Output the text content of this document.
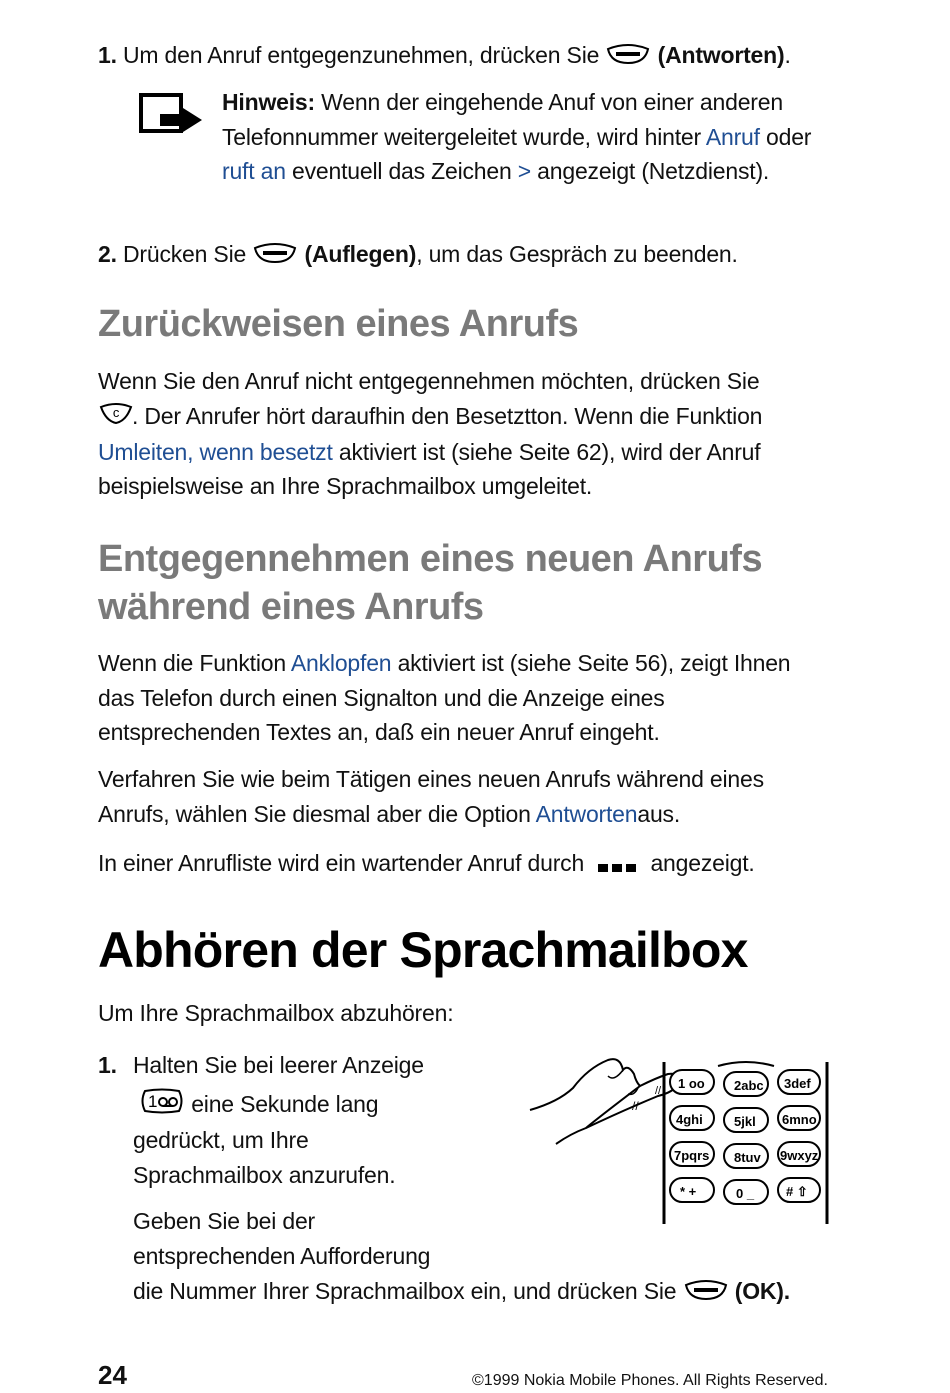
1. Um den Anruf entgegenzunehmen, drücken Sie	(Antworten).
Hinweis: Wenn der eingehende Anuf von einer anderen Telefonnummer weitergeleitet wurde, wird hinter Anruf oder ruft an eventuell das Zeichen > angezeigt (Netzdienst).
2. Drücken Sie	(Auflegen), um das Gespräch zu beenden.
Zurückweisen eines Anrufs
Wenn Sie den Anruf nicht entgegennehmen möchten, drücken Sie

c . Der Anrufer hört daraufhin den Besetztton. Wenn die Funktion
Umleiten, wenn besetzt aktiviert ist (siehe Seite 62), wird der Anruf beispielsweise an Ihre Sprachmailbox umgeleitet.
Entgegennehmen eines neuen Anrufs
während eines Anrufs
Wenn die Funktion Anklopfen aktiviert ist (siehe Seite 56), zeigt Ihnen das Telefon durch einen Signalton und die Anzeige eines entsprechenden Textes an, daß ein neuer Anruf eingeht.
Verfahren Sie wie beim Tätigen eines neuen Anrufs während eines Anrufs, wählen Sie diesmal aber die Option Antwortenaus.
In einer Anrufliste wird ein wartender Anruf durch	angezeigt.
Abhören der Sprachmailbox
Um Ihre Sprachmailbox abzuhören:
1. Halten Sie bei leerer Anzeige
1 eine Sekunde lang
gedrückt, um Ihre
Sprachmailbox anzurufen.
Geben Sie bei der
entsprechenden Aufforderung
die Nummer Ihrer Sprachmailbox ein, und drücken Sie	(OK).
//
// 1 oo 2abc 3def
4ghi 5jkl 6mno
7pqrs 8tuv 9wxyz
* +	0 _ # ⇧
24	©1999 Nokia Mobile Phones. All Rights Reserved.
